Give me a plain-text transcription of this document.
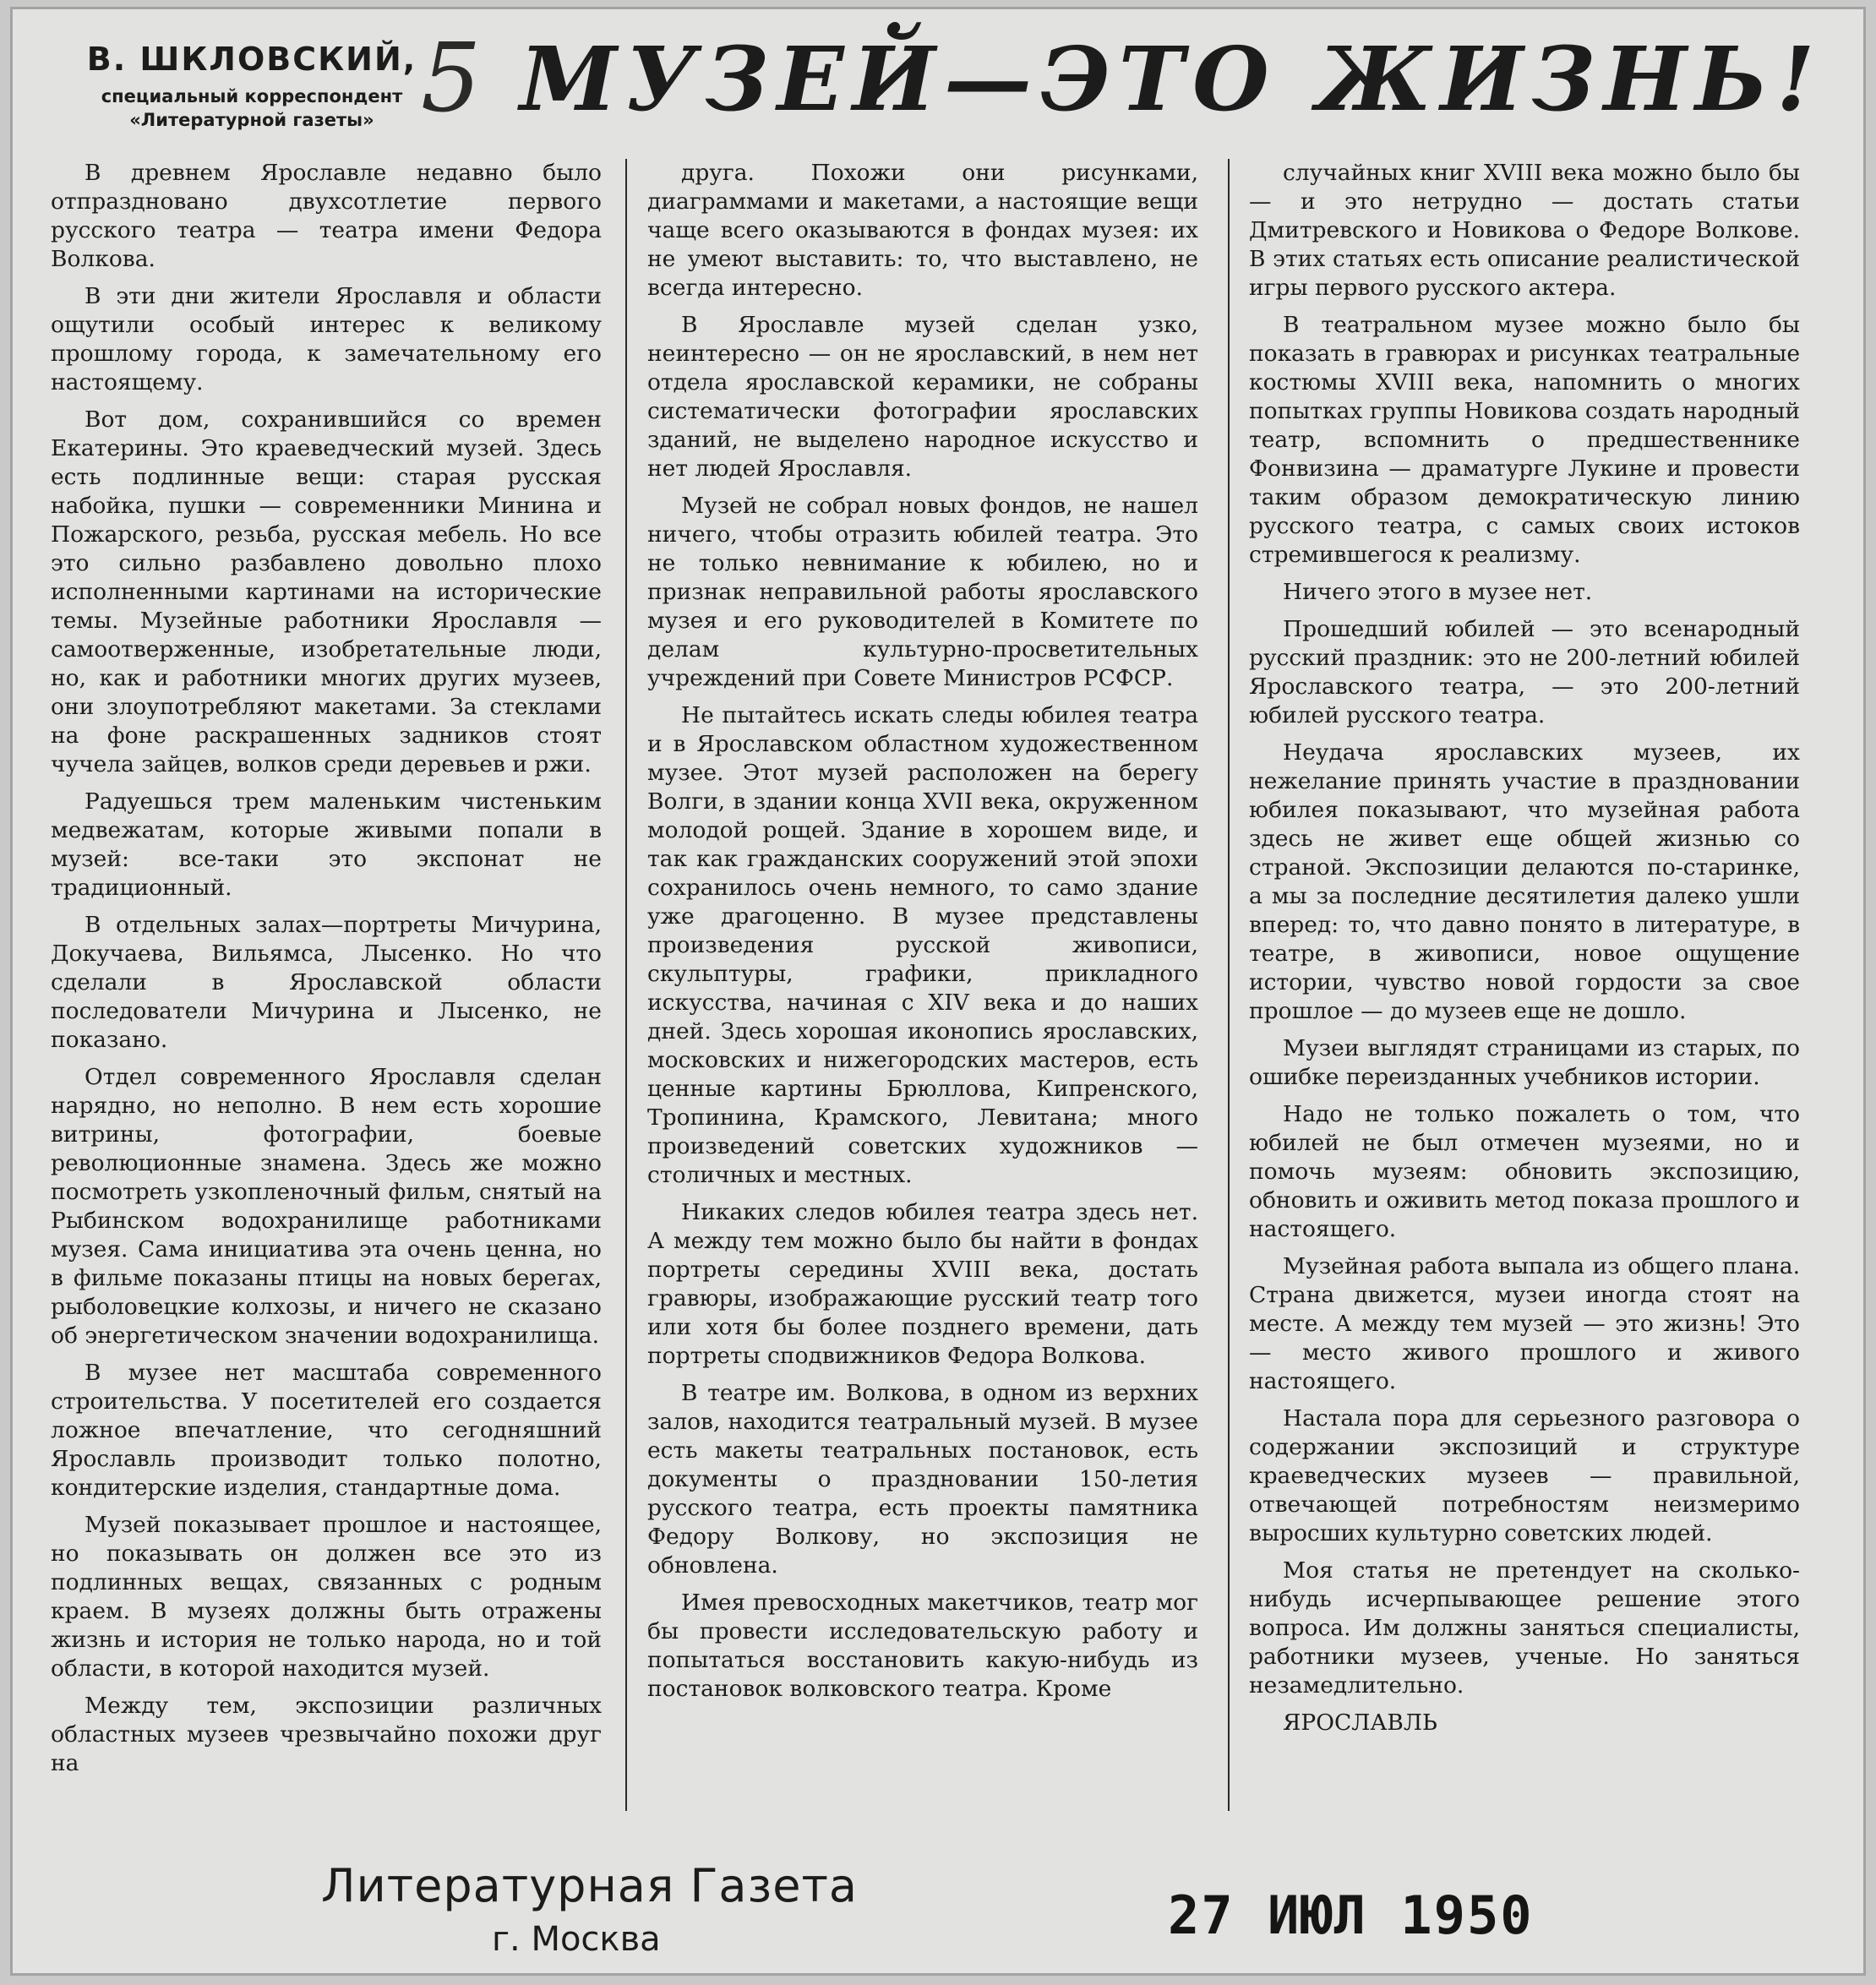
В. ШКЛОВСКИЙ,
специальный корреспондент
«Литературной газеты» 5 МУЗЕЙ—ЭТО ЖИЗНЬ!

В древнем Ярославле недавно было отпраздновано двухсотлетие первого русского театра — театра имени Федора Волкова.

В эти дни жители Ярославля и области ощутили особый интерес к великому прошлому города, к замечательному его настоящему.

Вот дом, сохранившийся со времен Екатерины. Это краеведческий музей. Здесь есть подлинные вещи: старая русская набойка, пушки — современники Минина и Пожарского, резьба, русская мебель. Но все это сильно разбавлено довольно плохо исполненными картинами на исторические темы. Музейные работники Ярославля — самоотверженные, изобретательные люди, но, как и работники многих других музеев, они злоупотребляют макетами. За стеклами на фоне раскрашенных задников стоят чучела зайцев, волков среди деревьев и ржи.

Радуешься трем маленьким чистеньким медвежатам, которые живыми попали в музей: все-таки это экспонат не традиционный.

В отдельных залах—портреты Мичурина, Докучаева, Вильямса, Лысенко. Но что сделали в Ярославской области последователи Мичурина и Лысенко, не показано.

Отдел современного Ярославля сделан нарядно, но неполно. В нем есть хорошие витрины, фотографии, боевые революционные знамена. Здесь же можно посмотреть узкопленочный фильм, снятый на Рыбинском водохранилище работниками музея. Сама инициатива эта очень ценна, но в фильме показаны птицы на новых берегах, рыболовецкие колхозы, и ничего не сказано об энергетическом значении водохранилища.

В музее нет масштаба современного строительства. У посетителей его создается ложное впечатление, что сегодняшний Ярославль производит только полотно, кондитерские изделия, стандартные дома.

Музей показывает прошлое и настоящее, но показывать он должен все это из подлинных вещах, связанных с родным краем. В музеях должны быть отражены жизнь и история не только народа, но и той области, в которой находится музей.

Между тем, экспозиции различных областных музеев чрезвычайно похожи друг на

друга. Похожи они рисунками, диаграммами и макетами, а настоящие вещи чаще всего оказываются в фондах музея: их не умеют выставить: то, что выставлено, не всегда интересно.

В Ярославле музей сделан узко, неинтересно — он не ярославский, в нем нет отдела ярославской керамики, не собраны систематически фотографии ярославских зданий, не выделено народное искусство и нет людей Ярославля.

Музей не собрал новых фондов, не нашел ничего, чтобы отразить юбилей театра. Это не только невнимание к юбилею, но и признак неправильной работы ярославского музея и его руководителей в Комитете по делам культурно-просветительных учреждений при Совете Министров РСФСР.

Не пытайтесь искать следы юбилея театра и в Ярославском областном художественном музее. Этот музей расположен на берегу Волги, в здании конца XVII века, окруженном молодой рощей. Здание в хорошем виде, и так как гражданских сооружений этой эпохи сохранилось очень немного, то само здание уже драгоценно. В музее представлены произведения русской живописи, скульптуры, графики, прикладного искусства, начиная с XIV века и до наших дней. Здесь хорошая иконопись ярославских, московских и нижегородских мастеров, есть ценные картины Брюллова, Кипренского, Тропинина, Крамского, Левитана; много произведений советских художников — столичных и местных.

Никаких следов юбилея театра здесь нет. А между тем можно было бы найти в фондах портреты середины XVIII века, достать гравюры, изображающие русский театр того или хотя бы более позднего времени, дать портреты сподвижников Федора Волкова.

В театре им. Волкова, в одном из верхних залов, находится театральный музей. В музее есть макеты театральных постановок, есть документы о праздновании 150-летия русского театра, есть проекты памятника Федору Волкову, но экспозиция не обновлена.

Имея превосходных макетчиков, театр мог бы провести исследовательскую работу и попытаться восстановить какую-нибудь из постановок волковского театра. Кроме

случайных книг XVIII века можно было бы — и это нетрудно — достать статьи Дмитревского и Новикова о Федоре Волкове. В этих статьях есть описание реалистической игры первого русского актера.

В театральном музее можно было бы показать в гравюрах и рисунках театральные костюмы XVIII века, напомнить о многих попытках группы Новикова создать народный театр, вспомнить о предшественнике Фонвизина — драматурге Лукине и провести таким образом демократическую линию русского театра, с самых своих истоков стремившегося к реализму.

Ничего этого в музее нет.

Прошедший юбилей — это всенародный русский праздник: это не 200-летний юбилей Ярославского театра, — это 200-летний юбилей русского театра.

Неудача ярославских музеев, их нежелание принять участие в праздновании юбилея показывают, что музейная работа здесь не живет еще общей жизнью со страной. Экспозиции делаются по-старинке, а мы за последние десятилетия далеко ушли вперед: то, что давно понято в литературе, в театре, в живописи, новое ощущение истории, чувство новой гордости за свое прошлое — до музеев еще не дошло.

Музеи выглядят страницами из старых, по ошибке переизданных учебников истории.

Надо не только пожалеть о том, что юбилей не был отмечен музеями, но и помочь музеям: обновить экспозицию, обновить и оживить метод показа прошлого и настоящего.

Музейная работа выпала из общего плана. Страна движется, музеи иногда стоят на месте. А между тем музей — это жизнь! Это — место живого прошлого и живого настоящего.

Настала пора для серьезного разговора о содержании экспозиций и структуре краеведческих музеев — правильной, отвечающей потребностям неизмеримо выросших культурно советских людей.

Моя статья не претендует на сколько-нибудь исчерпывающее решение этого вопроса. Им должны заняться специалисты, работники музеев, ученые. Но заняться незамедлительно.

ЯРОСЛАВЛЬ

Литературная Газета
г. Москва	27 ИЮЛ 1950
